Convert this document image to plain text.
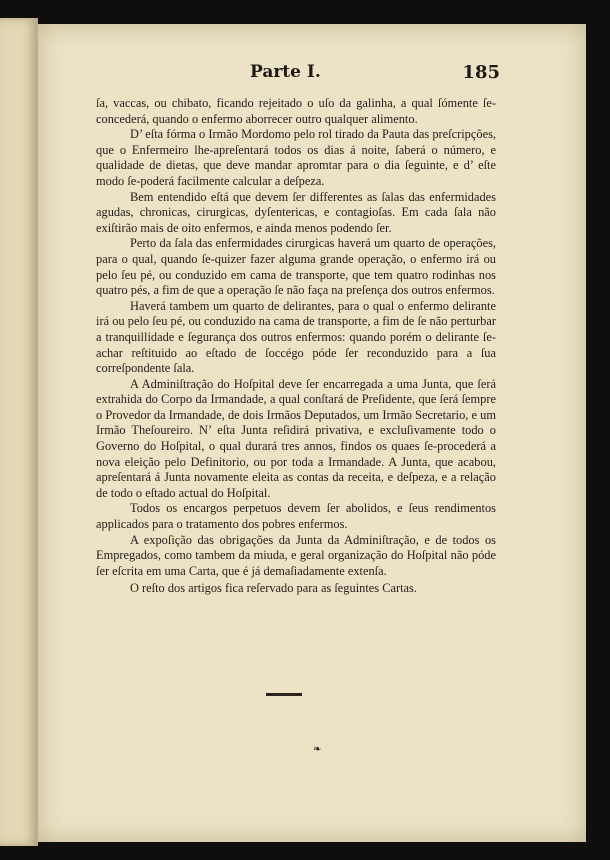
Parte I.	185

ſa, vaccas, ou chibato, ficando rejeitado o uſo da galinha, a qual ſómente ſe-concederá, quando o enfermo aborrecer outro qualquer alimento.

D’ eſta fórma o Irmão Mordomo pelo rol tirado da Pauta das preſcripções, que o Enfermeiro lhe-apreſentará todos os dias á noite, ſaberá o número, e qualidade de dietas, que deve mandar apromtar para o dia ſeguinte, e d’ eſte modo ſe-poderá facilmente calcular a deſpeza.

Bem entendido eſtá que devem ſer differentes as ſalas das enfermidades agudas, chronicas, cirurgicas, dyſentericas, e contagioſas. Em cada ſala não exiſtirão mais de oito enfermos, e ainda menos podendo ſer.

Perto da ſala das enfermidades cirurgicas haverá um quarto de operações, para o qual, quando ſe-quizer fazer alguma grande operação, o enfermo irá ou pelo ſeu pé, ou conduzido em cama de transporte, que tem quatro rodinhas nos quatro pés, a fim de que a operação ſe não faça na preſença dos outros enfermos.

Haverá tambem um quarto de delirantes, para o qual o enfermo delirante irá ou pelo ſeu pé, ou conduzido na cama de transporte, a fim de ſe não perturbar a tranquillidade e ſegurança dos outros enfermos: quando porém o delirante ſe-achar reſtituido ao eſtado de ſoccégo póde ſer reconduzido para a ſua correſpondente ſala.

A Adminiſtração do Hoſpital deve ſer encarregada a uma Junta, que ſerá extrahida do Corpo da Irmandade, a qual conſtará de Preſidente, que ſerá ſempre o Provedor da Irmandade, de dois Irmãos Deputados, um Irmão Secretario, e um Irmão Theſoureiro. N’ eſta Junta reſidirá privativa, e excluſivamente todo o Governo do Hoſpital, o qual durará tres annos, findos os quaes ſe-procederá a nova eleição pelo Definitorio, ou por toda a Irmandade. A Junta, que acabou, apreſentará á Junta novamente eleita as contas da receita, e deſpeza, e a relação de todo o eſtado actual do Hoſpital.

Todos os encargos perpetuos devem ſer abolidos, e ſeus rendimentos applicados para o tratamento dos pobres enfermos.

A expoſição das obrigações da Junta da Adminiſtração, e de todos os Empregados, como tambem da miuda, e geral organização do Hoſpital não póde ſer eſcrita em uma Carta, que é já demaſiadamente extenſa.

O reſto dos artigos fica reſervado para as ſeguintes Cartas.

❧
